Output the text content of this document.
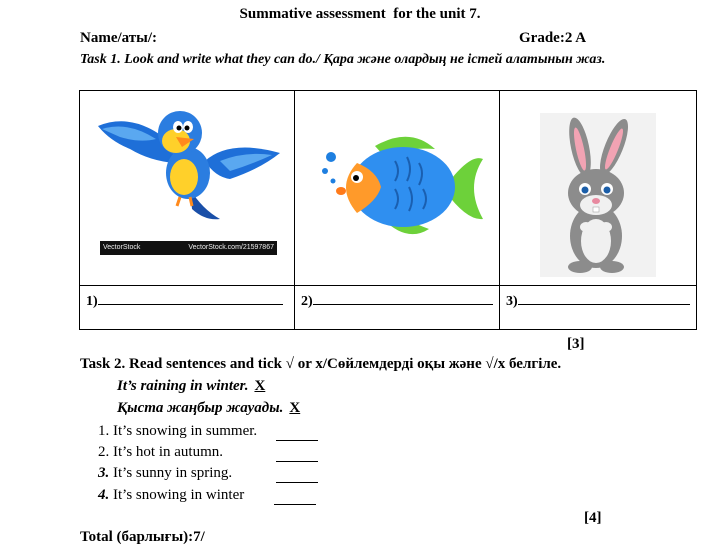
Summative assessment  for the unit 7.
Name/аты/:	Grade:2 A
Task 1. Look and write what they can do./ Қара және олардың не істей алатынын жаз.
VectorStock	VectorStock.com/21597867
1)	2)	3)
[3]
Task 2. Read sentences and tick √ or x/Сөйлемдерді оқы және √/x белгіле.
It’s raining in winter. X
Қыста жаңбыр жауады. X
1. It’s snowing in summer.
2. It’s hot in autumn.
3. It’s sunny in spring.
4. It’s snowing in winter
[4]
Total (барлығы):7/
